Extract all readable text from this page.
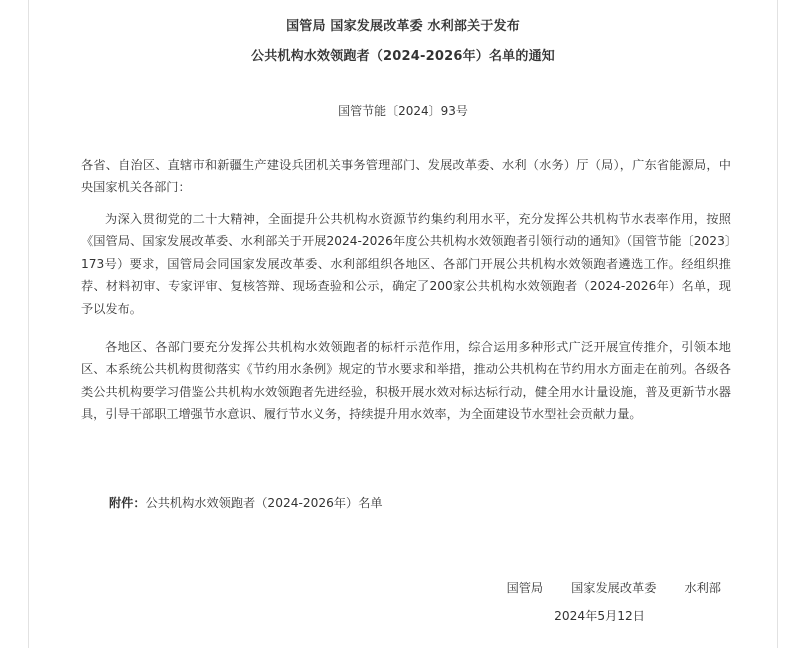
国管局 国家发展改革委 水利部关于发布
公共机构水效领跑者（2024-2026年）名单的通知
国管节能〔2024〕93号

各省、自治区、直辖市和新疆生产建设兵团机关事务管理部门、发展改革委、水利（水务）厅（局），广东省能源局，中央国家机关各部门：

为深入贯彻党的二十大精神，全面提升公共机构水资源节约集约利用水平，充分发挥公共机构节水表率作用，按照《国管局、国家发展改革委、水利部关于开展2024-2026年度公共机构水效领跑者引领行动的通知》（国管节能〔2023〕173号）要求，国管局会同国家发展改革委、水利部组织各地区、各部门开展公共机构水效领跑者遴选工作。经组织推荐、材料初审、专家评审、复核答辩、现场查验和公示，确定了200家公共机构水效领跑者（2024-2026年）名单，现予以发布。

各地区、各部门要充分发挥公共机构水效领跑者的标杆示范作用，综合运用多种形式广泛开展宣传推介，引领本地区、本系统公共机构贯彻落实《节约用水条例》规定的节水要求和举措，推动公共机构在节约用水方面走在前列。各级各类公共机构要学习借鉴公共机构水效领跑者先进经验，积极开展水效对标达标行动，健全用水计量设施，普及更新节水器具，引导干部职工增强节水意识、履行节水义务，持续提升用水效率，为全面建设节水型社会贡献力量。

附件：公共机构水效领跑者（2024-2026年）名单
国管局 国家发展改革委 水利部
2024年5月12日
